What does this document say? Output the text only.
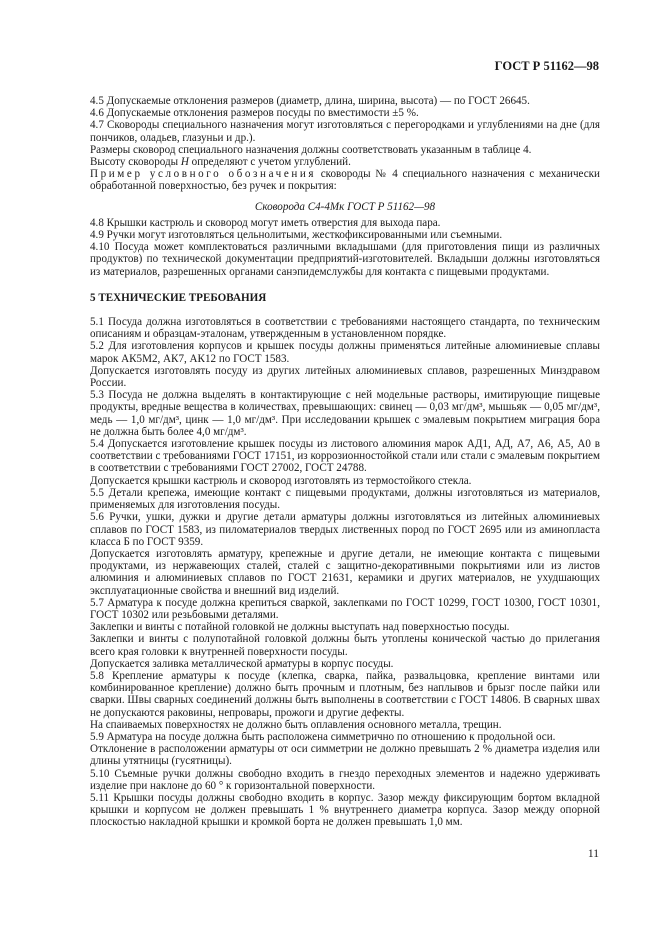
ГОСТ Р 51162—98

4.5 Допускаемые отклонения размеров (диаметр, длина, ширина, высота) — по ГОСТ 26645.

4.6 Допускаемые отклонения размеров посуды по вместимости ±5 %.

4.7 Сковороды специального назначения могут изготовляться с перегородками и углублениями на дне (для пончиков, оладьев, глазуньи и др.).

Размеры сковород специального назначения должны соответствовать указанным в таблице 4.

Высоту сковороды Н определяют с учетом углублений.

Пример условного обозначения сковороды № 4 специального назначения с механически обработанной поверхностью, без ручек и покрытия:

Сковорода С4-4Мк ГОСТ Р 51162—98

4.8 Крышки кастрюль и сковород могут иметь отверстия для выхода пара.

4.9 Ручки могут изготовляться цельнолитыми, жесткофиксированными или съемными.

4.10 Посуда может комплектоваться различными вкладышами (для приготовления пищи из различных продуктов) по технической документации предприятий-изготовителей. Вкладыши должны изготовляться из материалов, разрешенных органами санэпидемслужбы для контакта с пищевыми продуктами.

5 ТЕХНИЧЕСКИЕ ТРЕБОВАНИЯ

5.1 Посуда должна изготовляться в соответствии с требованиями настоящего стандарта, по техническим описаниям и образцам-эталонам, утвержденным в установленном порядке.

5.2 Для изготовления корпусов и крышек посуды должны применяться литейные алюминиевые сплавы марок АК5М2, АК7, АК12 по ГОСТ 1583.

Допускается изготовлять посуду из других литейных алюминиевых сплавов, разрешенных Минздравом России.

5.3 Посуда не должна выделять в контактирующие с ней модельные растворы, имитирующие пищевые продукты, вредные вещества в количествах, превышающих: свинец — 0,03 мг/дм³, мышьяк — 0,05 мг/дм³, медь — 1,0 мг/дм³, цинк — 1,0 мг/дм³. При исследовании крышек с эмалевым покрытием миграция бора не должна быть более 4,0 мг/дм³.

5.4 Допускается изготовление крышек посуды из листового алюминия марок АД1, АД, А7, А6, А5, А0 в соответствии с требованиями ГОСТ 17151, из коррозионностойкой стали или стали с эмалевым покрытием в соответствии с требованиями ГОСТ 27002, ГОСТ 24788.

Допускается крышки кастрюль и сковород изготовлять из термостойкого стекла.

5.5 Детали крепежа, имеющие контакт с пищевыми продуктами, должны изготовляться из материалов, применяемых для изготовления посуды.

5.6 Ручки, ушки, дужки и другие детали арматуры должны изготовляться из литейных алюминиевых сплавов по ГОСТ 1583, из пиломатериалов твердых лиственных пород по ГОСТ 2695 или из аминопласта класса Б по ГОСТ 9359.

Допускается изготовлять арматуру, крепежные и другие детали, не имеющие контакта с пищевыми продуктами, из нержавеющих сталей, сталей с защитно-декоративными покрытиями или из листов алюминия и алюминиевых сплавов по ГОСТ 21631, керамики и других материалов, не ухудшающих эксплуатационные свойства и внешний вид изделий.

5.7 Арматура к посуде должна крепиться сваркой, заклепками по ГОСТ 10299, ГОСТ 10300, ГОСТ 10301, ГОСТ 10302 или резьбовыми деталями.

Заклепки и винты с потайной головкой не должны выступать над поверхностью посуды.

Заклепки и винты с полупотайной головкой должны быть утоплены конической частью до прилегания всего края головки к внутренней поверхности посуды.

Допускается заливка металлической арматуры в корпус посуды.

5.8 Крепление арматуры к посуде (клепка, сварка, пайка, развальцовка, крепление винтами или комбинированное крепление) должно быть прочным и плотным, без наплывов и брызг после пайки или сварки. Швы сварных соединений должны быть выполнены в соответствии с ГОСТ 14806. В сварных швах не допускаются раковины, непровары, прожоги и другие дефекты.

На спаиваемых поверхностях не должно быть оплавления основного металла, трещин.

5.9 Арматура на посуде должна быть расположена симметрично по отношению к продольной оси.

Отклонение в расположении арматуры от оси симметрии не должно превышать 2 % диаметра изделия или длины утятницы (гусятницы).

5.10 Съемные ручки должны свободно входить в гнездо переходных элементов и надежно удерживать изделие при наклоне до 60 ° к горизонтальной поверхности.

5.11 Крышки посуды должны свободно входить в корпус. Зазор между фиксирующим бортом вкладной крышки и корпусом не должен превышать 1 % внутреннего диаметра корпуса. Зазор между опорной плоскостью накладной крышки и кромкой борта не должен превышать 1,0 мм.

11
